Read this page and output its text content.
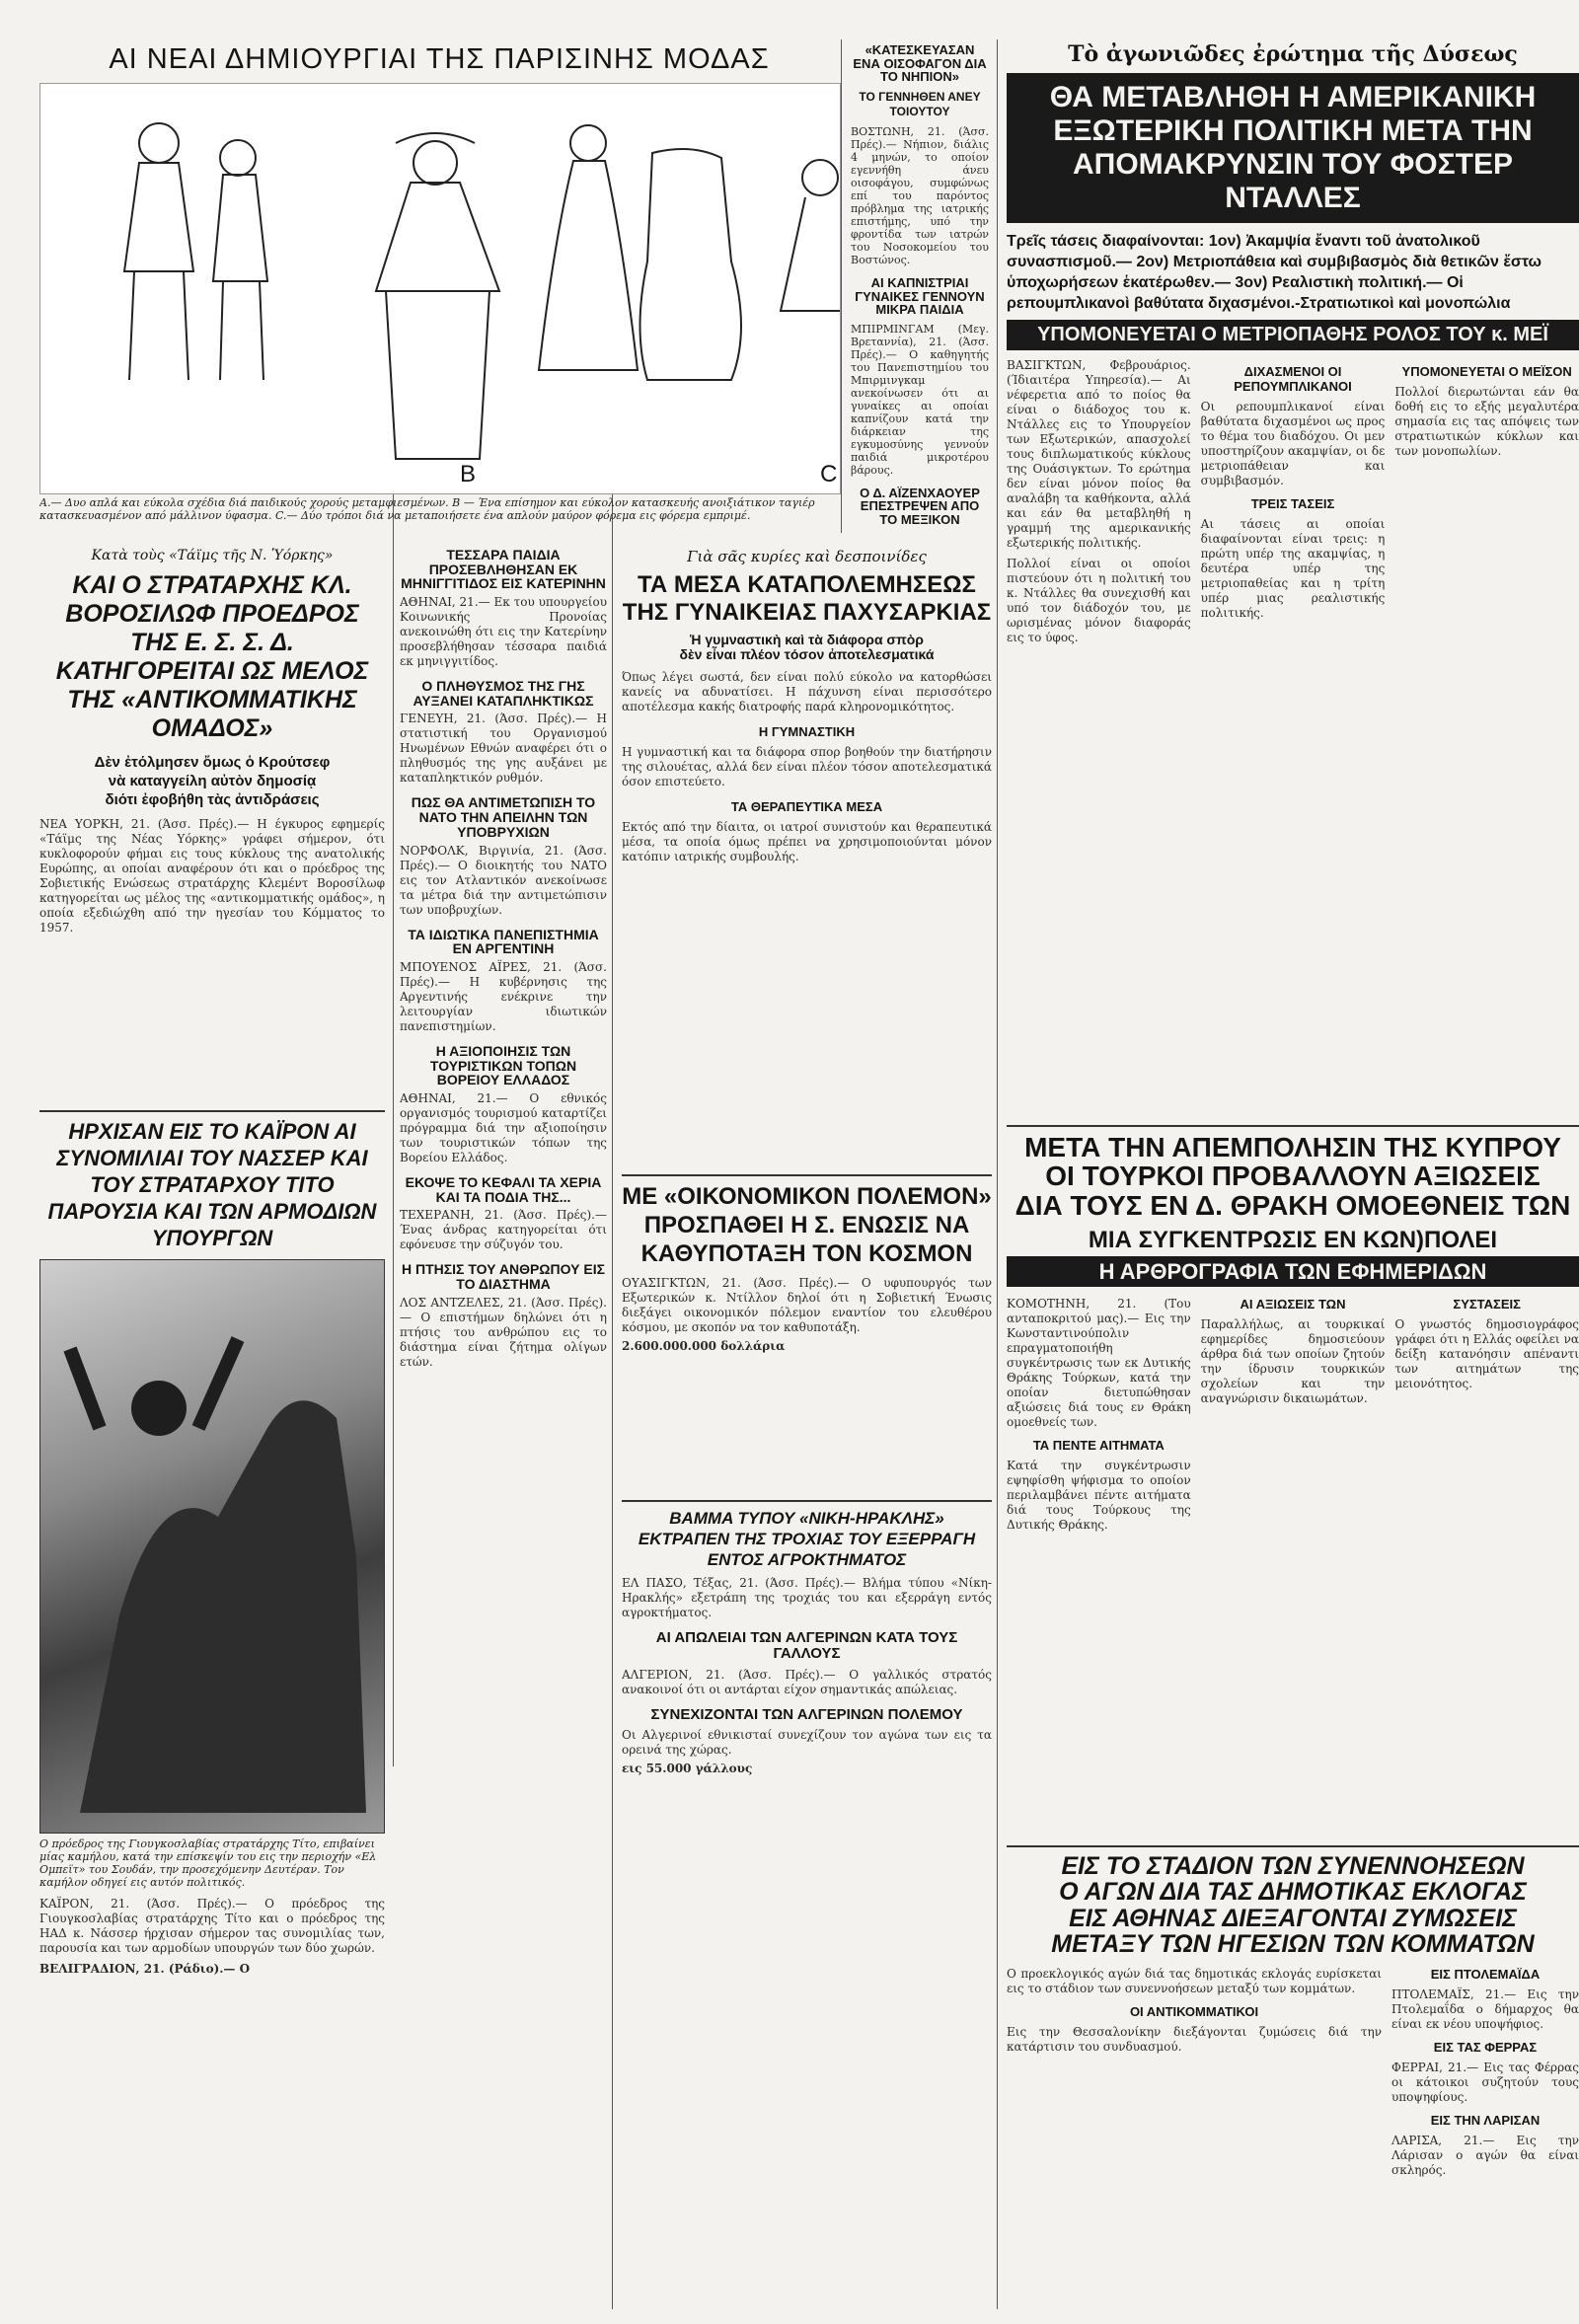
ΑΙ ΝΕΑΙ ΔΗΜΙΟΥΡΓΙΑΙ ΤΗΣ ΠΑΡΙΣΙΝΗΣ ΜΟΔΑΣ
B	C
A.— Δυο απλά και εύκολα σχέδια διά παιδικούς χορούς μεταμφιεσμένων. B — Ένα επίσημον και εύκολον κατασκευής ανοιξιάτικον ταγιέρ κατασκευασμένον από μάλλινον ύφασμα. C.— Δύο τρόποι διά να μεταποιήσετε ένα απλούν μαύρον φόρεμα εις φόρεμα εμπριμέ.
«ΚΑΤΕΣΚΕΥΑΣΑΝ ΕΝΑ ΟΙΣΟΦΑΓΟΝ ΔΙΑ ΤΟ ΝΗΠΙΟΝ»
ΤΟ ΓΕΝΝΗΘΕΝ ΑΝΕΥ ΤΟΙΟΥΤΟΥ
ΒΟΣΤΩΝΗ, 21. (Άσσ. Πρές).— Νήπιον, διάλις 4 μηνών, το οποίον εγεννήθη άνευ οισοφάγου, συμφώνως επί του παρόντος πρόβλημα της ιατρικής επιστήμης, υπό την φροντίδα των ιατρών του Νοσοκομείου του Βοστώνος.
ΑΙ ΚΑΠΝΙΣΤΡΙΑΙ ΓΥΝΑΙΚΕΣ ΓΕΝΝΟΥΝ ΜΙΚΡΑ ΠΑΙΔΙΑ
ΜΠΙΡΜΙΝΓΑΜ (Μεγ. Βρεταννία), 21. (Άσσ. Πρές).— Ο καθηγητής του Πανεπιστημίου του Μπιρμινγκαμ ανεκοίνωσεν ότι αι γυναίκες αι οποίαι καπνίζουν κατά την διάρκειαν της εγκυμοσύνης γεννούν παιδιά μικροτέρου βάρους.
Ο Δ. ΑΪΖΕΝΧΑΟΥΕΡ ΕΠΕΣΤΡΕΨΕΝ ΑΠΟ ΤΟ ΜΕΞΙΚΟΝ
Τὸ ἀγωνιῶδες ἐρώτημα τῆς Δύσεως
ΘΑ ΜΕΤΑΒΛΗΘΗ Η ΑΜΕΡΙΚΑΝΙΚΗ ΕΞΩΤΕΡΙΚΗ ΠΟΛΙΤΙΚΗ ΜΕΤΑ ΤΗΝ ΑΠΟΜΑΚΡΥΝΣΙΝ ΤΟΥ ΦΟΣΤΕΡ ΝΤΑΛΛΕΣ
Τρεῖς τάσεις διαφαίνονται: 1ον) Ἀκαμψία ἔναντι τοῦ ἀνατολικοῦ συνασπισμοῦ.— 2ον) Μετριοπάθεια καὶ συμβιβασμὸς διὰ θετικῶν ἔστω ὑποχωρήσεων ἑκατέρωθεν.— 3ον) Ρεαλιστικὴ πολιτική.— Οἱ ρεπουμπλικανοὶ βαθύτατα διχασμένοι.-Στρατιωτικοὶ καὶ μονοπώλια
ΥΠΟΜΟΝΕΥΕΤΑΙ Ο ΜΕΤΡΙΟΠΑΘΗΣ ΡΟΛΟΣ ΤΟΥ κ. ΜΕΪ
ΒΑΣΙΓΚΤΩΝ, Φεβρουάριος. (Ίδιαιτέρα Υπηρεσία).— Αι νέφερετια από το ποίος θα είναι ο διάδοχος του κ. Ντάλλες εις το Υπουργείον των Εξωτερικών, απασχολεί τους διπλωματικούς κύκλους της Ουάσιγκτων. Το ερώτημα δεν είναι μόνον ποίος θα αναλάβη τα καθήκοντα, αλλά και εάν θα μεταβληθή η γραμμή της αμερικανικής εξωτερικής πολιτικής.
Πολλοί είναι οι οποίοι πιστεύουν ότι η πολιτική του κ. Ντάλλες θα συνεχισθή και υπό τον διάδοχόν του, με ωρισμένας μόνον διαφοράς εις το ύφος.
ΔΙΧΑΣΜΕΝΟΙ ΟΙ ΡΕΠΟΥΜΠΛΙΚΑΝΟΙ
Οι ρεπουμπλικανοί είναι βαθύτατα διχασμένοι ως προς το θέμα του διαδόχου. Οι μεν υποστηρίζουν ακαμψίαν, οι δε μετριοπάθειαν και συμβιβασμόν.
ΤΡΕΙΣ ΤΑΣΕΙΣ
Αι τάσεις αι οποίαι διαφαίνονται είναι τρεις: η πρώτη υπέρ της ακαμψίας, η δευτέρα υπέρ της μετριοπαθείας και η τρίτη υπέρ μιας ρεαλιστικής πολιτικής.
ΥΠΟΜΟΝΕΥΕΤΑΙ Ο ΜΕΪΣΟΝ
Πολλοί διερωτώνται εάν θα δοθή εις το εξής μεγαλυτέρα σημασία εις τας απόψεις των στρατιωτικών κύκλων και των μονοπωλίων.
ΜΕΤΑ ΤΗΝ ΑΠΕΜΠΟΛΗΣΙΝ ΤΗΣ ΚΥΠΡΟΥ
ΟΙ ΤΟΥΡΚΟΙ ΠΡΟΒΑΛΛΟΥΝ ΑΞΙΩΣΕΙΣ
ΔΙΑ ΤΟΥΣ ΕΝ Δ. ΘΡΑΚΗ ΟΜΟΕΘΝΕΙΣ ΤΩΝ
ΜΙΑ ΣΥΓΚΕΝΤΡΩΣΙΣ ΕΝ ΚΩΝ)ΠΟΛΕΙ
Η ΑΡΘΡΟΓΡΑΦΙΑ ΤΩΝ ΕΦΗΜΕΡΙΔΩΝ
ΚΟΜΟΤΗΝΗ, 21. (Του ανταποκριτού μας).— Εις την Κωνσταντινούπολιν επραγματοποιήθη συγκέντρωσις των εκ Δυτικής Θράκης Τούρκων, κατά την οποίαν διετυπώθησαν αξιώσεις διά τους εν Θράκη ομοεθνείς των.
ΤΑ ΠΕΝΤΕ ΑΙΤΗΜΑΤΑ
Κατά την συγκέντρωσιν εψηφίσθη ψήφισμα το οποίον περιλαμβάνει πέντε αιτήματα διά τους Τούρκους της Δυτικής Θράκης.
ΑΙ ΑΞΙΩΣΕΙΣ ΤΩΝ
Παραλλήλως, αι τουρκικαί εφημερίδες δημοσιεύουν άρθρα διά των οποίων ζητούν την ίδρυσιν τουρκικών σχολείων και την αναγνώρισιν δικαιωμάτων.
ΣΥΣΤΑΣΕΙΣ
Ο γνωστός δημοσιογράφος γράφει ότι η Ελλάς οφείλει να δείξη κατανόησιν απέναντι των αιτημάτων της μειονότητος.
ΕΙΣ ΤΟ ΣΤΑΔΙΟΝ ΤΩΝ ΣΥΝΕΝΝΟΗΣΕΩΝ
Ο ΑΓΩΝ ΔΙΑ ΤΑΣ ΔΗΜΟΤΙΚΑΣ ΕΚΛΟΓΑΣ
ΕΙΣ ΑΘΗΝΑΣ ΔΙΕΞΑΓΟΝΤΑΙ ΖΥΜΩΣΕΙΣ
ΜΕΤΑΞΥ ΤΩΝ ΗΓΕΣΙΩΝ ΤΩΝ ΚΟΜΜΑΤΩΝ
Ο προεκλογικός αγών διά τας δημοτικάς εκλογάς ευρίσκεται εις το στάδιον των συνεννοήσεων μεταξύ των κομμάτων.
ΟΙ ΑΝΤΙΚΟΜΜΑΤΙΚΟΙ
Εις την Θεσσαλονίκην διεξάγονται ζυμώσεις διά την κατάρτισιν του συνδυασμού.
ΕΙΣ ΠΤΟΛΕΜΑΪΔΑ
ΠΤΟΛΕΜΑΪΣ, 21.— Εις την Πτολεμαΐδα ο δήμαρχος θα είναι εκ νέου υποψήφιος.
ΕΙΣ ΤΑΣ ΦΕΡΡΑΣ
ΦΕΡΡΑΙ, 21.— Εις τας Φέρρας οι κάτοικοι συζητούν τους υποψηφίους.
ΕΙΣ ΤΗΝ ΛΑΡΙΣΑΝ
ΛΑΡΙΣΑ, 21.— Εις την Λάρισαν ο αγών θα είναι σκληρός.
Κατὰ τοὺς «Τάϊμς τῆς Ν. Ὑόρκης»
ΚΑΙ Ο ΣΤΡΑΤΑΡΧΗΣ ΚΛ. ΒΟΡΟΣΙΛΩΦ ΠΡΟΕΔΡΟΣ ΤΗΣ Ε. Σ. Σ. Δ. ΚΑΤΗΓΟΡΕΙΤΑΙ ΩΣ ΜΕΛΟΣ ΤΗΣ «ΑΝΤΙΚΟΜΜΑΤΙΚΗΣ ΟΜΑΔΟΣ»
Δὲν ἐτόλμησεν ὅμως ὁ Κρούτσεφ
νὰ καταγγείλη αὐτὸν δημοσίᾳ
διότι ἐφοβήθη τὰς ἀντιδράσεις
ΝΕΑ ΥΟΡΚΗ, 21. (Άσσ. Πρές).— Η έγκυρος εφημερίς «Τάϊμς της Νέας Υόρκης» γράφει σήμερον, ότι κυκλοφορούν φήμαι εις τους κύκλους της ανατολικής Ευρώπης, αι οποίαι αναφέρουν ότι και ο πρόεδρος της Σοβιετικής Ενώσεως στρατάρχης Κλεμέντ Βοροσίλωφ κατηγορείται ως μέλος της «αντικομματικής ομάδος», η οποία εξεδιώχθη από την ηγεσίαν του Κόμματος το 1957.
ΗΡΧΙΣΑΝ ΕΙΣ ΤΟ ΚΑΪΡΟΝ ΑΙ ΣΥΝΟΜΙΛΙΑΙ ΤΟΥ ΝΑΣΣΕΡ ΚΑΙ ΤΟΥ ΣΤΡΑΤΑΡΧΟΥ ΤΙΤΟ ΠΑΡΟΥΣΙΑ ΚΑΙ ΤΩΝ ΑΡΜΟΔΙΩΝ ΥΠΟΥΡΓΩΝ
Ο πρόεδρος της Γιουγκοσλαβίας στρατάρχης Τίτο, επιβαίνει μίας καμήλου, κατά την επίσκεψίν του εις την περιοχήν «Ελ Ομπεϊτ» του Σουδάν, την προσεχόμενην Δευτέραν. Τον καμήλον οδηγεί εις αυτόν πολιτικός.
ΚΑΪΡΟΝ, 21. (Άσσ. Πρές).— Ο πρόεδρος της Γιουγκοσλαβίας στρατάρχης Τίτο και ο πρόεδρος της ΗΑΔ κ. Νάσσερ ήρχισαν σήμερον τας συνομιλίας των, παρουσία και των αρμοδίων υπουργών των δύο χωρών.
ΒΕΛΙΓΡΑΔΙΟΝ, 21. (Ράδιο).— Ο
ΤΕΣΣΑΡΑ ΠΑΙΔΙΑ ΠΡΟΣΕΒΛΗΘΗΣΑΝ ΕΚ ΜΗΝΙΓΓΙΤΙΔΟΣ ΕΙΣ ΚΑΤΕΡΙΝΗΝ
ΑΘΗΝΑΙ, 21.— Εκ του υπουργείου Κοινωνικής Προνοίας ανεκοινώθη ότι εις την Κατερίνην προσεβλήθησαν τέσσαρα παιδιά εκ μηνιγγιτίδος.
Ο ΠΛΗΘΥΣΜΟΣ ΤΗΣ ΓΗΣ ΑΥΞΑΝΕΙ ΚΑΤΑΠΛΗΚΤΙΚΩΣ
ΓΕΝΕΥΗ, 21. (Άσσ. Πρές).— Η στατιστική του Οργανισμού Ηνωμένων Εθνών αναφέρει ότι ο πληθυσμός της γης αυξάνει με καταπληκτικόν ρυθμόν.
ΠΩΣ ΘΑ ΑΝΤΙΜΕΤΩΠΙΣΗ ΤΟ ΝΑΤΟ ΤΗΝ ΑΠΕΙΛΗΝ ΤΩΝ ΥΠΟΒΡΥΧΙΩΝ
ΝΟΡΦΟΛΚ, Βιργινία, 21. (Άσσ. Πρές).— Ο διοικητής του ΝΑΤΟ εις τον Ατλαντικόν ανεκοίνωσε τα μέτρα διά την αντιμετώπισιν των υποβρυχίων.
ΤΑ ΙΔΙΩΤΙΚΑ ΠΑΝΕΠΙΣΤΗΜΙΑ ΕΝ ΑΡΓΕΝΤΙΝΗ
ΜΠΟΥΕΝΟΣ ΑΪΡΕΣ, 21. (Άσσ. Πρές).— Η κυβέρνησις της Αργεντινής ενέκρινε την λειτουργίαν ιδιωτικών πανεπιστημίων.
Η ΑΞΙΟΠΟΙΗΣΙΣ ΤΩΝ ΤΟΥΡΙΣΤΙΚΩΝ ΤΟΠΩΝ ΒΟΡΕΙΟΥ ΕΛΛΑΔΟΣ
ΑΘΗΝΑΙ, 21.— Ο εθνικός οργανισμός τουρισμού καταρτίζει πρόγραμμα διά την αξιοποίησιν των τουριστικών τόπων της Βορείου Ελλάδος.
ΕΚΟΨΕ ΤΟ ΚΕΦΑΛΙ ΤΑ ΧΕΡΙΑ ΚΑΙ ΤΑ ΠΟΔΙΑ ΤΗΣ...
ΤΕΧΕΡΑΝΗ, 21. (Άσσ. Πρές).— Ένας άνδρας κατηγορείται ότι εφόνευσε την σύζυγόν του.
Η ΠΤΗΣΙΣ ΤΟΥ ΑΝΘΡΩΠΟΥ ΕΙΣ ΤΟ ΔΙΑΣΤΗΜΑ
ΛΟΣ ΑΝΤΖΕΛΕΣ, 21. (Άσσ. Πρές).— Ο επιστήμων δηλώνει ότι η πτήσις του ανθρώπου εις το διάστημα είναι ζήτημα ολίγων ετών.
Γιὰ σᾶς κυρίες καὶ δεσποινίδες
ΤΑ ΜΕΣΑ ΚΑΤΑΠΟΛΕΜΗΣΕΩΣ ΤΗΣ ΓΥΝΑΙΚΕΙΑΣ ΠΑΧΥΣΑΡΚΙΑΣ
Ἡ γυμναστικὴ καὶ τὰ διάφορα σπὸρ
δὲν εἶναι πλέον τόσον ἀποτελεσματικά
Όπως λέγει σωστά, δεν είναι πολύ εύκολο να κατορθώσει κανείς να αδυνατίσει. Η πάχυνση είναι περισσότερο αποτέλεσμα κακής διατροφής παρά κληρονομικότητος.
Η ΓΥΜΝΑΣΤΙΚΗ
Η γυμναστική και τα διάφορα σπορ βοηθούν την διατήρησιν της σιλουέτας, αλλά δεν είναι πλέον τόσον αποτελεσματικά όσον επιστεύετο.
ΤΑ ΘΕΡΑΠΕΥΤΙΚΑ ΜΕΣΑ
Εκτός από την δίαιτα, οι ιατροί συνιστούν και θεραπευτικά μέσα, τα οποία όμως πρέπει να χρησιμοποιούνται μόνον κατόπιν ιατρικής συμβουλής.
ΜΕ «ΟΙΚΟΝΟΜΙΚΟΝ ΠΟΛΕΜΟΝ» ΠΡΟΣΠΑΘΕΙ Η Σ. ΕΝΩΣΙΣ ΝΑ ΚΑΘΥΠΟΤΑΞΗ ΤΟΝ ΚΟΣΜΟΝ
ΟΥΑΣΙΓΚΤΩΝ, 21. (Άσσ. Πρές).— Ο υφυπουργός των Εξωτερικών κ. Ντίλλον δηλοί ότι η Σοβιετική Ένωσις διεξάγει οικονομικόν πόλεμον εναντίον του ελευθέρου κόσμου, με σκοπόν να τον καθυποτάξη.
2.600.000.000 δολλάρια
ΒΑΜΜΑ ΤΥΠΟΥ «ΝΙΚΗ-ΗΡΑΚΛΗΣ» ΕΚΤΡΑΠΕΝ ΤΗΣ ΤΡΟΧΙΑΣ ΤΟΥ ΕΞΕΡΡΑΓΗ ΕΝΤΟΣ ΑΓΡΟΚΤΗΜΑΤΟΣ
ΕΛ ΠΑΣΟ, Τέξας, 21. (Άσσ. Πρές).— Βλήμα τύπου «Νίκη-Ηρακλής» εξετράπη της τροχιάς του και εξερράγη εντός αγροκτήματος.
ΑΙ ΑΠΩΛΕΙΑΙ ΤΩΝ ΑΛΓΕΡΙΝΩΝ ΚΑΤΑ ΤΟΥΣ ΓΑΛΛΟΥΣ
ΑΛΓΕΡΙΟΝ, 21. (Άσσ. Πρές).— Ο γαλλικός στρατός ανακοινοί ότι οι αντάρται είχον σημαντικάς απώλειας.
ΣΥΝΕΧΙΖΟΝΤΑΙ ΤΩΝ ΑΛΓΕΡΙΝΩΝ ΠΟΛΕΜΟΥ
Οι Αλγερινοί εθνικισταί συνεχίζουν τον αγώνα των εις τα ορεινά της χώρας.
εις 55.000 γάλλους
